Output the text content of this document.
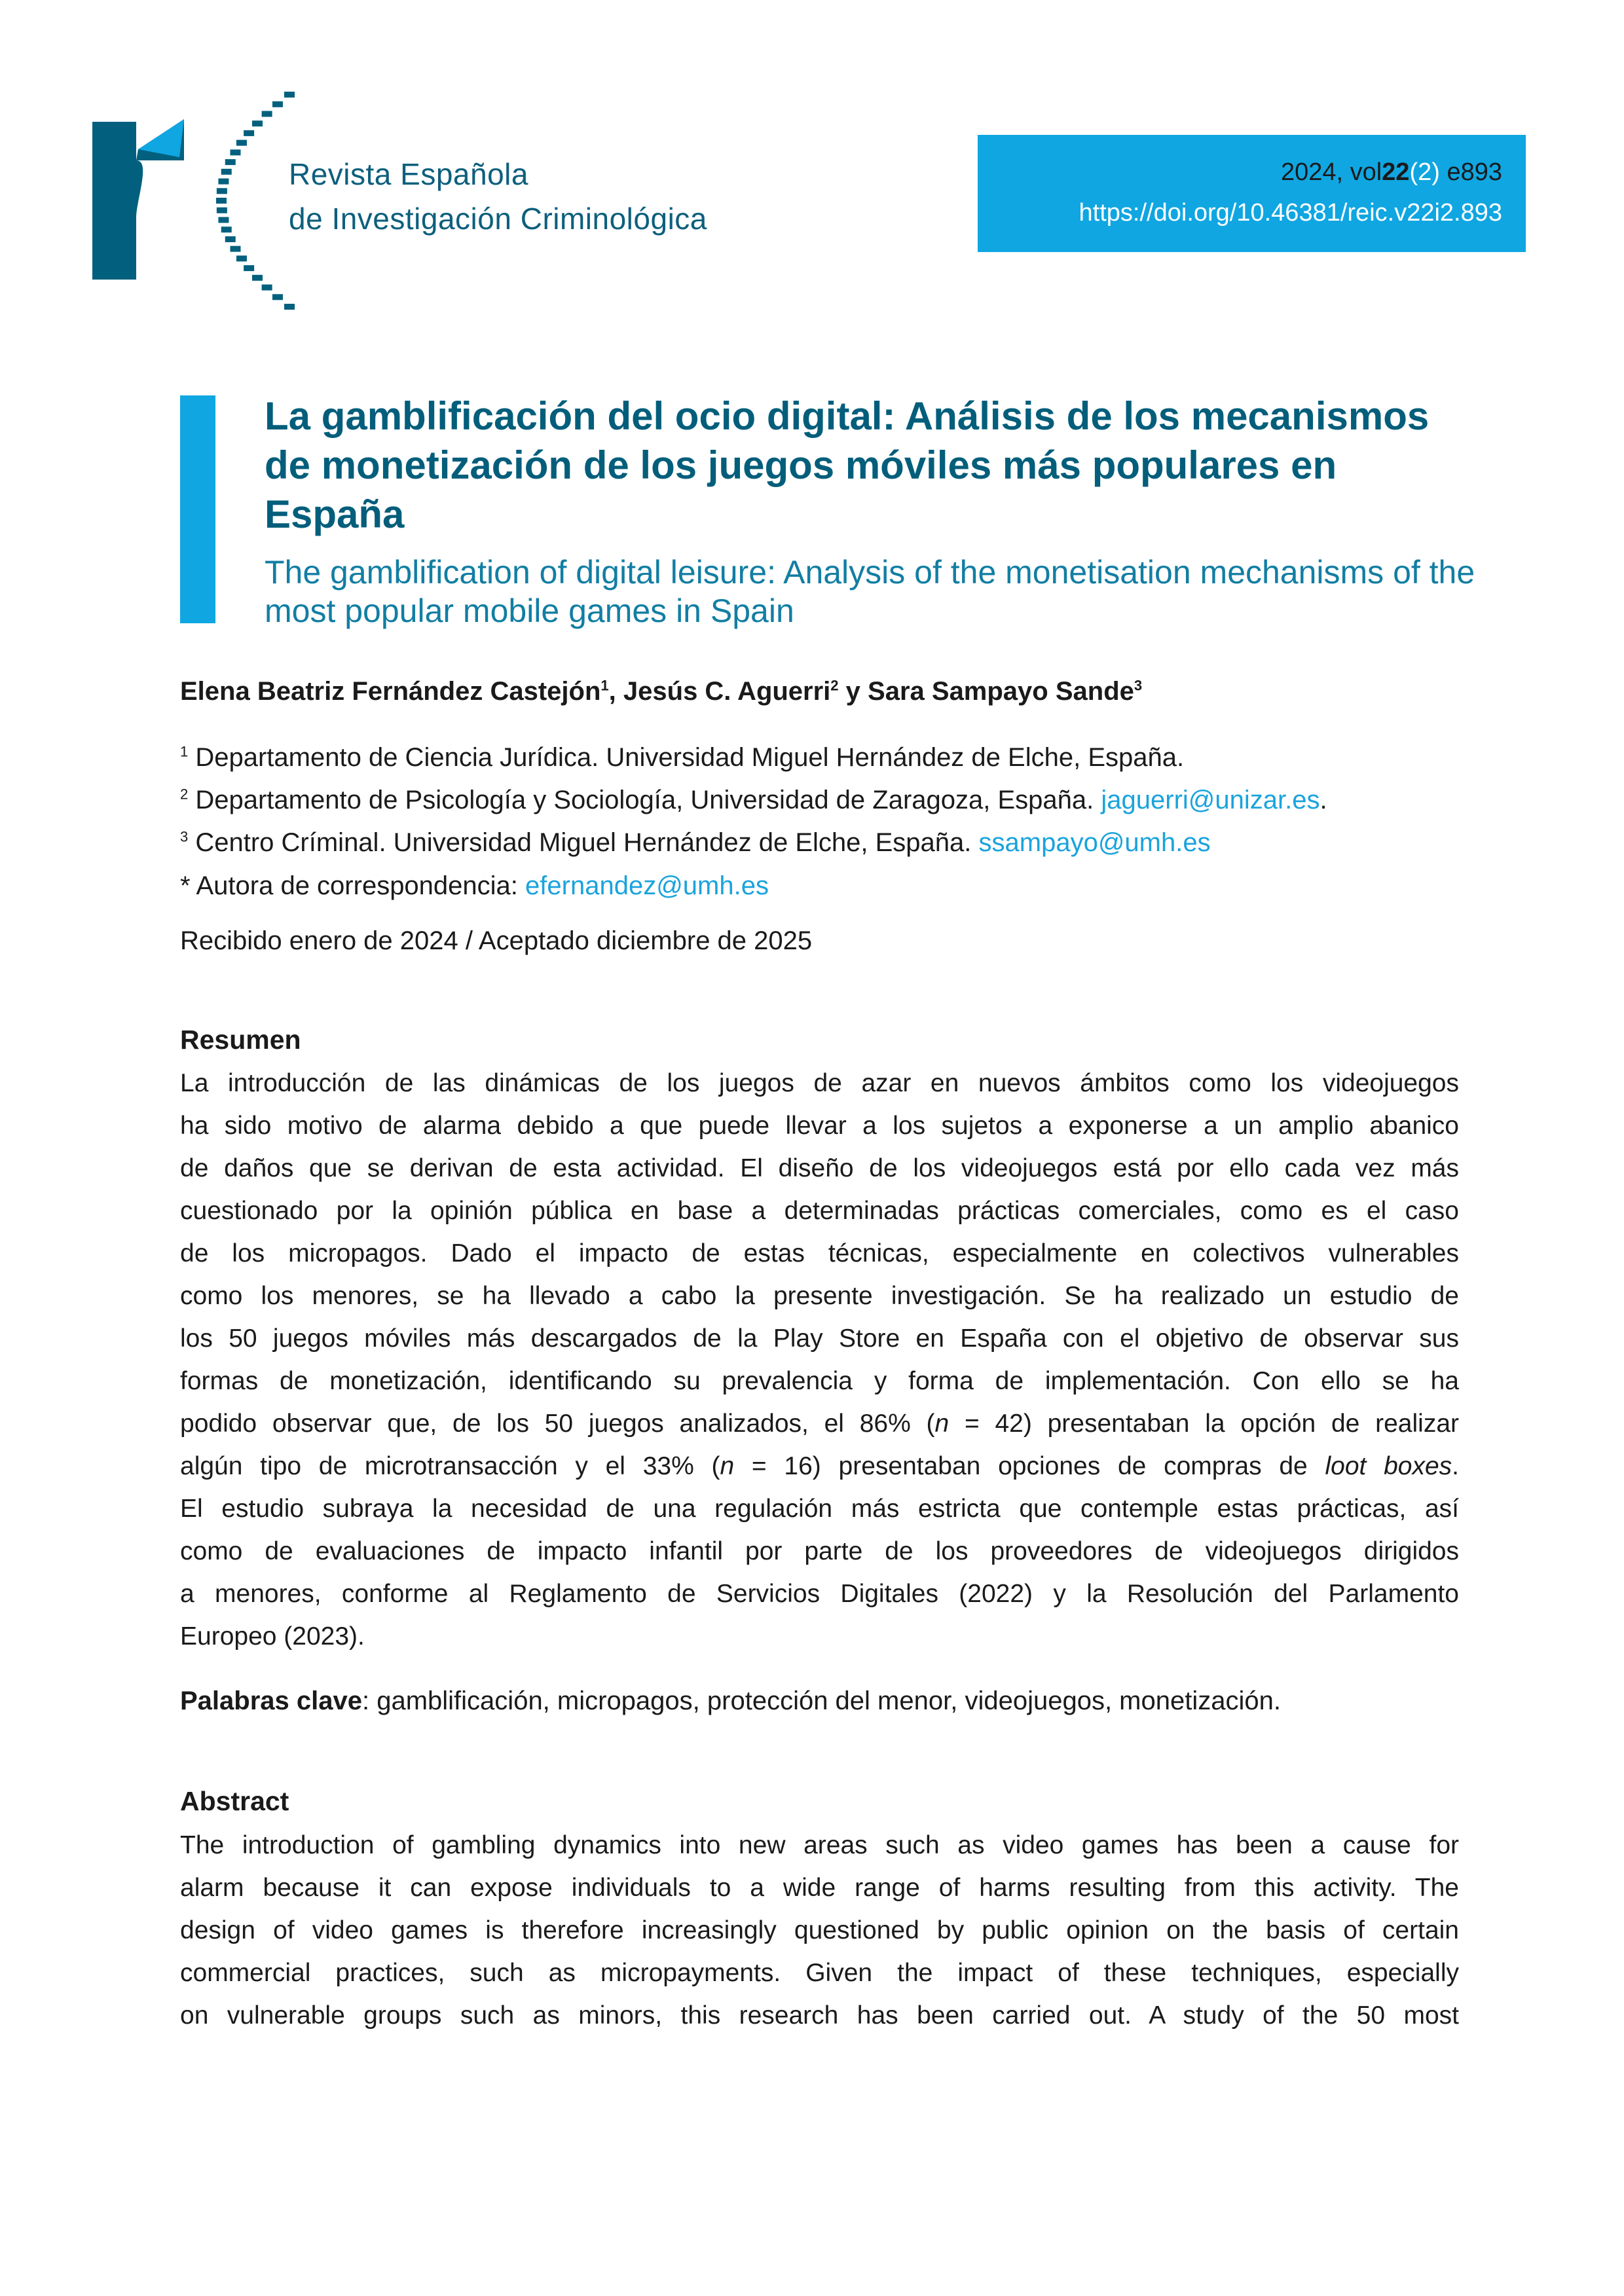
Revista Española
de Investigación Criminológica
2024, vol22(2) e893
https://doi.org/10.46381/reic.v22i2.893
La gamblificación del ocio digital: Análisis de los mecanismos de monetización de los juegos móviles más populares en España
The gamblification of digital leisure: Analysis of the monetisation mechanisms of the most popular mobile games in Spain
Elena Beatriz Fernández Castejón$^1$, Jesús C. Aguerri$^2$ y Sara Sampayo Sande$^3$
$^1$ Departamento de Ciencia Jurídica. Universidad Miguel Hernández de Elche, España.
$^2$ Departamento de Psicología y Sociología, Universidad de Zaragoza, España. jaguerri@unizar.es.
$^3$ Centro Críminal. Universidad Miguel Hernández de Elche, España. ssampayo@umh.es
* Autora de correspondencia: efernandez@umh.es
Recibido enero de 2024 / Aceptado diciembre de 2025
Resumen
La introducción de las dinámicas de los juegos de azar en nuevos ámbitos como los videojuegos
ha sido motivo de alarma debido a que puede llevar a los sujetos a exponerse a un amplio abanico
de daños que se derivan de esta actividad. El diseño de los videojuegos está por ello cada vez más
cuestionado por la opinión pública en base a determinadas prácticas comerciales, como es el caso
de los micropagos. Dado el impacto de estas técnicas, especialmente en colectivos vulnerables
como los menores, se ha llevado a cabo la presente investigación. Se ha realizado un estudio de
los 50 juegos móviles más descargados de la Play Store en España con el objetivo de observar sus
formas de monetización, identificando su prevalencia y forma de implementación. Con ello se ha
podido observar que, de los 50 juegos analizados, el 86% (n = 42) presentaban la opción de realizar
algún tipo de microtransacción y el 33% (n = 16) presentaban opciones de compras de loot boxes.
El estudio subraya la necesidad de una regulación más estricta que contemple estas prácticas, así
como de evaluaciones de impacto infantil por parte de los proveedores de videojuegos dirigidos
a menores, conforme al Reglamento de Servicios Digitales (2022) y la Resolución del Parlamento
Europeo (2023).
Palabras clave: gamblificación, micropagos, protección del menor, videojuegos, monetización.
Abstract
The introduction of gambling dynamics into new areas such as video games has been a cause for
alarm because it can expose individuals to a wide range of harms resulting from this activity. The
design of video games is therefore increasingly questioned by public opinion on the basis of certain
commercial practices, such as micropayments. Given the impact of these techniques, especially
on vulnerable groups such as minors, this research has been carried out. A study of the 50 most
